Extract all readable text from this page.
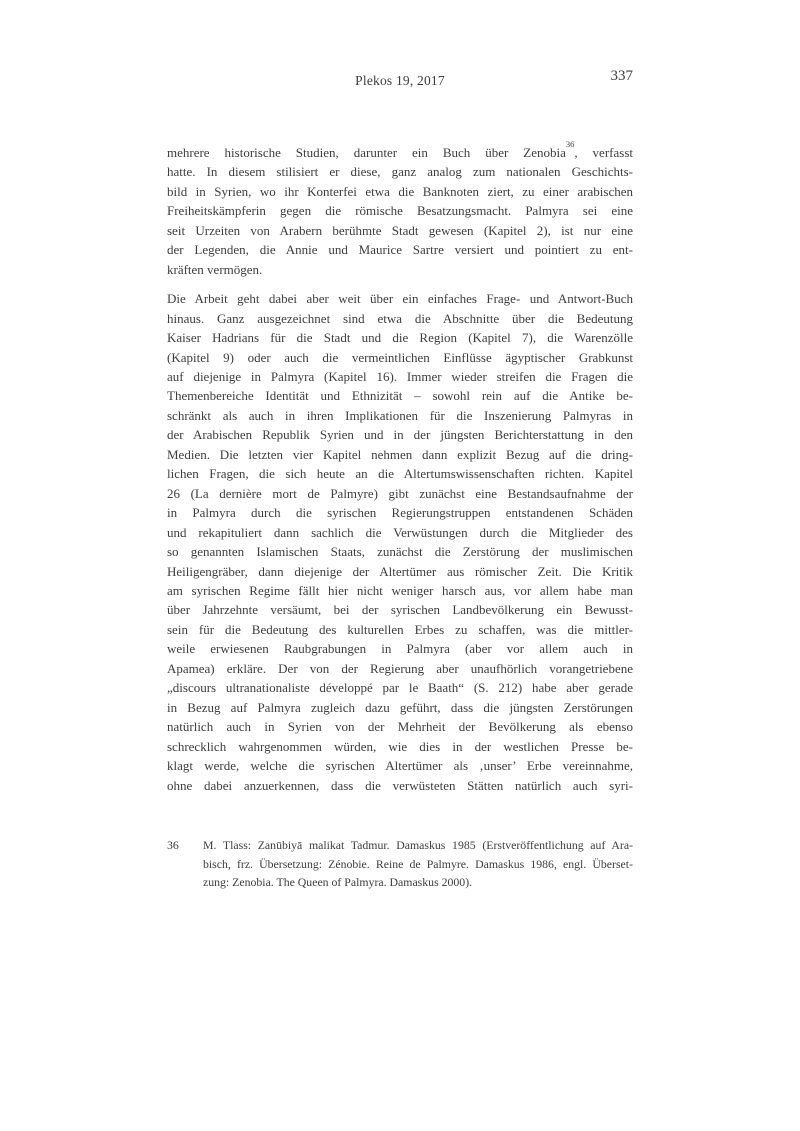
Plekos 19, 2017	337
mehrere historische Studien, darunter ein Buch über Zenobia$^{36}$, verfasst
hatte. In diesem stilisiert er diese, ganz analog zum nationalen Geschichts-
bild in Syrien, wo ihr Konterfei etwa die Banknoten ziert, zu einer arabischen
Freiheitskämpferin gegen die römische Besatzungsmacht. Palmyra sei eine
seit Urzeiten von Arabern berühmte Stadt gewesen (Kapitel 2), ist nur eine
der Legenden, die Annie und Maurice Sartre versiert und pointiert zu ent-
kräften vermögen.
Die Arbeit geht dabei aber weit über ein einfaches Frage- und Antwort-Buch
hinaus. Ganz ausgezeichnet sind etwa die Abschnitte über die Bedeutung
Kaiser Hadrians für die Stadt und die Region (Kapitel 7), die Warenzölle
(Kapitel 9) oder auch die vermeintlichen Einflüsse ägyptischer Grabkunst
auf diejenige in Palmyra (Kapitel 16). Immer wieder streifen die Fragen die
Themenbereiche Identität und Ethnizität – sowohl rein auf die Antike be-
schränkt als auch in ihren Implikationen für die Inszenierung Palmyras in
der Arabischen Republik Syrien und in der jüngsten Berichterstattung in den
Medien. Die letzten vier Kapitel nehmen dann explizit Bezug auf die dring-
lichen Fragen, die sich heute an die Altertumswissenschaften richten. Kapitel
26 (La dernière mort de Palmyre) gibt zunächst eine Bestandsaufnahme der
in Palmyra durch die syrischen Regierungstruppen entstandenen Schäden
und rekapituliert dann sachlich die Verwüstungen durch die Mitglieder des
so genannten Islamischen Staats, zunächst die Zerstörung der muslimischen
Heiligengräber, dann diejenige der Altertümer aus römischer Zeit. Die Kritik
am syrischen Regime fällt hier nicht weniger harsch aus, vor allem habe man
über Jahrzehnte versäumt, bei der syrischen Landbevölkerung ein Bewusst-
sein für die Bedeutung des kulturellen Erbes zu schaffen, was die mittler-
weile erwiesenen Raubgrabungen in Palmyra (aber vor allem auch in
Apamea) erkläre. Der von der Regierung aber unaufhörlich vorangetriebene
„discours ultranationaliste développé par le Baath“ (S. 212) habe aber gerade
in Bezug auf Palmyra zugleich dazu geführt, dass die jüngsten Zerstörungen
natürlich auch in Syrien von der Mehrheit der Bevölkerung als ebenso
schrecklich wahrgenommen würden, wie dies in der westlichen Presse be-
klagt werde, welche die syrischen Altertümer als ‚unser’ Erbe vereinnahme,
ohne dabei anzuerkennen, dass die verwüsteten Stätten natürlich auch syri-
36	M. Tlass: Zanūbiyā malikat Tadmur. Damaskus 1985 (Erstveröffentlichung auf Ara-
bisch, frz. Übersetzung: Zénobie. Reine de Palmyre. Damaskus 1986, engl. Überset-
zung: Zenobia. The Queen of Palmyra. Damaskus 2000).
